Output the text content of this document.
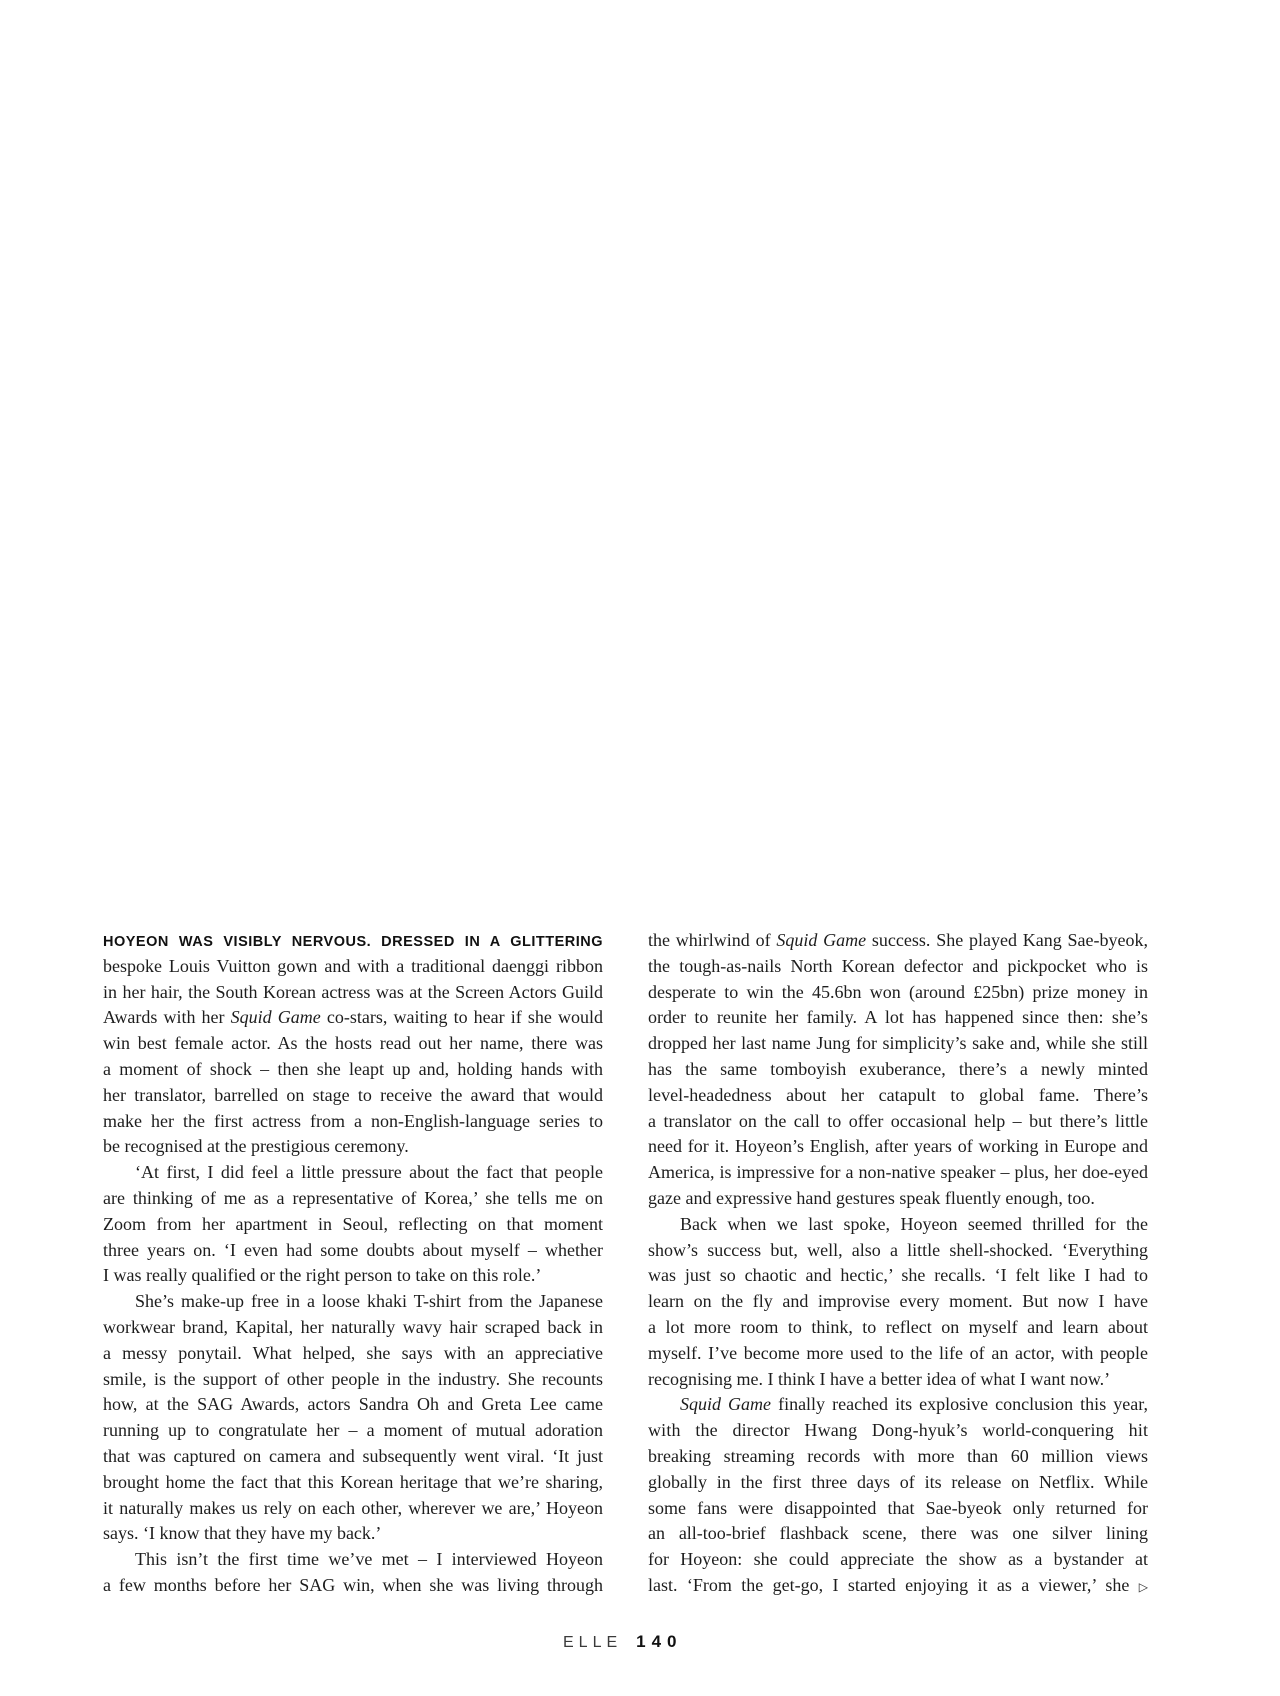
HOYEON WAS VISIBLY NERVOUS. DRESSED IN A GLITTERING
bespoke Louis Vuitton gown and with a traditional daenggi ribbon
in her hair, the South Korean actress was at the Screen Actors Guild
Awards with her Squid Game co-stars, waiting to hear if she would
win best female actor. As the hosts read out her name, there was
a moment of shock – then she leapt up and, holding hands with
her translator, barrelled on stage to receive the award that would
make her the first actress from a non-English-language series to
be recognised at the prestigious ceremony.
‘At first, I did feel a little pressure about the fact that people
are thinking of me as a representative of Korea,’ she tells me on
Zoom from her apartment in Seoul, reflecting on that moment
three years on. ‘I even had some doubts about myself – whether
I was really qualified or the right person to take on this role.’
She’s make-up free in a loose khaki T-shirt from the Japanese
workwear brand, Kapital, her naturally wavy hair scraped back in
a messy ponytail. What helped, she says with an appreciative
smile, is the support of other people in the industry. She recounts
how, at the SAG Awards, actors Sandra Oh and Greta Lee came
running up to congratulate her – a moment of mutual adoration
that was captured on camera and subsequently went viral. ‘It just
brought home the fact that this Korean heritage that we’re sharing,
it naturally makes us rely on each other, wherever we are,’ Hoyeon
says. ‘I know that they have my back.’
This isn’t the first time we’ve met – I interviewed Hoyeon
a few months before her SAG win, when she was living through
the whirlwind of Squid Game success. She played Kang Sae-byeok,
the tough-as-nails North Korean defector and pickpocket who is
desperate to win the 45.6bn won (around £25bn) prize money in
order to reunite her family. A lot has happened since then: she’s
dropped her last name Jung for simplicity’s sake and, while she still
has the same tomboyish exuberance, there’s a newly minted
level-headedness about her catapult to global fame. There’s
a translator on the call to offer occasional help – but there’s little
need for it. Hoyeon’s English, after years of working in Europe and
America, is impressive for a non-native speaker – plus, her doe-eyed
gaze and expressive hand gestures speak fluently enough, too.
Back when we last spoke, Hoyeon seemed thrilled for the
show’s success but, well, also a little shell-shocked. ‘Everything
was just so chaotic and hectic,’ she recalls. ‘I felt like I had to
learn on the fly and improvise every moment. But now I have
a lot more room to think, to reflect on myself and learn about
myself. I’ve become more used to the life of an actor, with people
recognising me. I think I have a better idea of what I want now.’
Squid Game finally reached its explosive conclusion this year,
with the director Hwang Dong-hyuk’s world-conquering hit
breaking streaming records with more than 60 million views
globally in the first three days of its release on Netflix. While
some fans were disappointed that Sae-byeok only returned for
an all-too-brief flashback scene, there was one silver lining
for Hoyeon: she could appreciate the show as a bystander at
last. ‘From the get-go, I started enjoying it as a viewer,’ she ▷
ELLE 140
